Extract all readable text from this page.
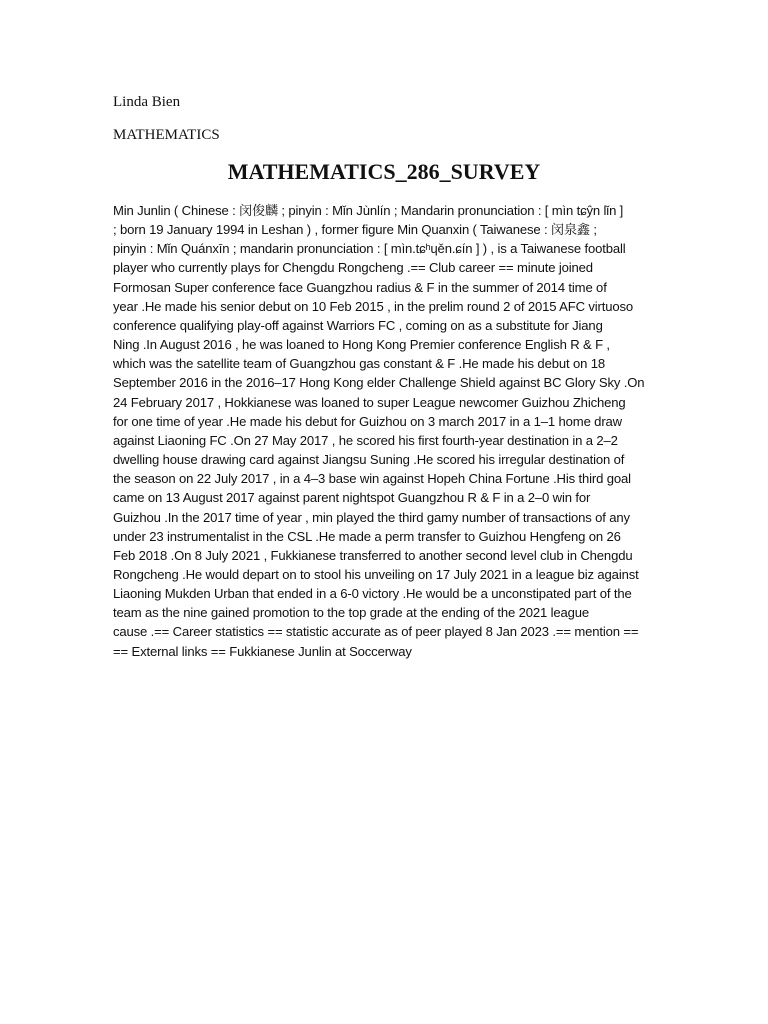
Linda Bien
MATHEMATICS
MATHEMATICS_286_SURVEY
Min Junlin ( Chinese : 闵俊麟 ; pinyin : Mǐn Jùnlín ; Mandarin pronunciation : [ mìn tɕŷn lǐn ]
; born 19 January 1994 in Leshan ) , former figure Min Quanxin ( Taiwanese : 闵泉鑫 ;
pinyin : Mǐn Quánxīn ; mandarin pronunciation : [ mìn.tɕʰɥěn.ɕín ] ) , is a Taiwanese football
player who currently plays for Chengdu Rongcheng .== Club career == minute joined
Formosan Super conference face Guangzhou radius & F in the summer of 2014 time of
year .He made his senior debut on 10 Feb 2015 , in the prelim round 2 of 2015 AFC virtuoso
conference qualifying play-off against Warriors FC , coming on as a substitute for Jiang
Ning .In August 2016 , he was loaned to Hong Kong Premier conference English R & F ,
which was the satellite team of Guangzhou gas constant & F .He made his debut on 18
September 2016 in the 2016–17 Hong Kong elder Challenge Shield against BC Glory Sky .On
24 February 2017 , Hokkianese was loaned to super League newcomer Guizhou Zhicheng
for one time of year .He made his debut for Guizhou on 3 march 2017 in a 1–1 home draw
against Liaoning FC .On 27 May 2017 , he scored his first fourth-year destination in a 2–2
dwelling house drawing card against Jiangsu Suning .He scored his irregular destination of
the season on 22 July 2017 , in a 4–3 base win against Hopeh China Fortune .His third goal
came on 13 August 2017 against parent nightspot Guangzhou R & F in a 2–0 win for
Guizhou .In the 2017 time of year , min played the third gamy number of transactions of any
under 23 instrumentalist in the CSL .He made a perm transfer to Guizhou Hengfeng on 26
Feb 2018 .On 8 July 2021 , Fukkianese transferred to another second level club in Chengdu
Rongcheng .He would depart on to stool his unveiling on 17 July 2021 in a league biz against
Liaoning Mukden Urban that ended in a 6-0 victory .He would be a unconstipated part of the
team as the nine gained promotion to the top grade at the ending of the 2021 league
cause .== Career statistics == statistic accurate as of peer played 8 Jan 2023 .== mention ==
== External links == Fukkianese Junlin at Soccerway
